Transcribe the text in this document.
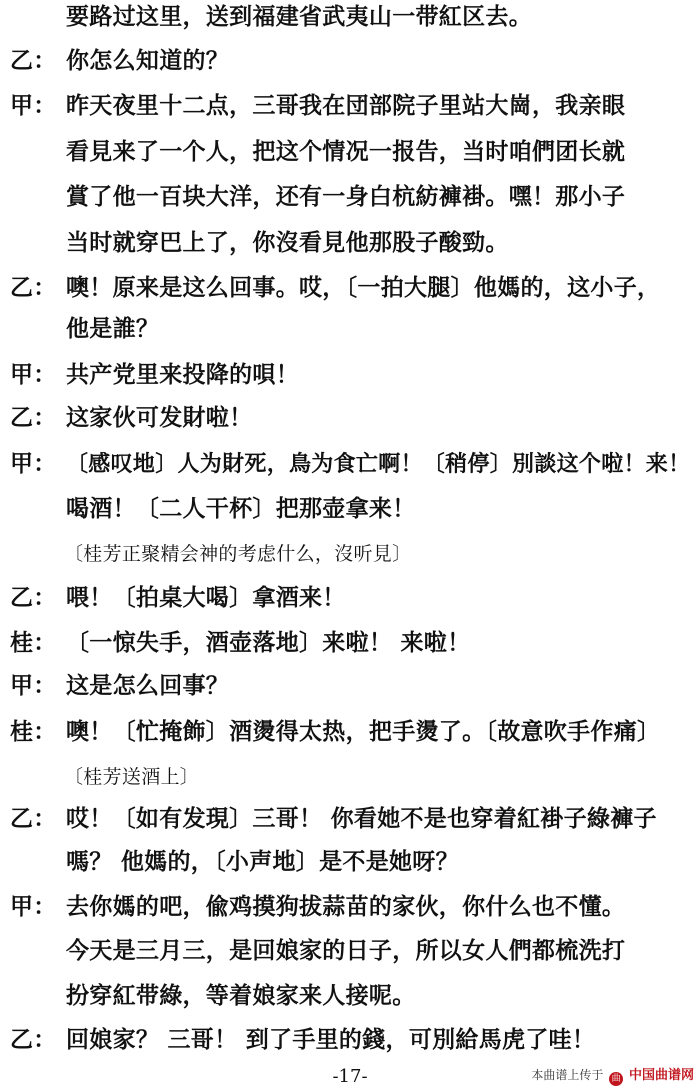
要路过这里，送到福建省武夷山一带紅区去。
乙： 你怎么知道的？
甲： 昨天夜里十二点，三哥我在団部院子里站大崗，我亲眼
看見来了一个人，把这个情况一报告，当时咱們团长就
賞了他一百块大洋，还有一身白杭紡褲褂。嘿！那小子
当时就穿巴上了，你沒看見他那股子酸勁。
乙： 噢！原来是这么回事。哎，〔一拍大腿〕他媽的，这小子，
他是誰？
甲： 共产党里来投降的唄！
乙： 这家伙可发財啦！
甲： 〔感叹地〕人为財死，鳥为食亡啊！〔稍停〕別談这个啦！来！
喝酒！〔二人干杯〕把那壶拿来！
〔桂芳正聚精会神的考虑什么，沒听見〕
乙： 喂！〔拍桌大喝〕拿酒来！
桂： 〔一惊失手，酒壶落地〕来啦！ 来啦！
甲： 这是怎么回事？
桂： 噢！〔忙掩飾〕酒燙得太热，把手燙了。〔故意吹手作痛〕
〔桂芳送酒上〕
乙： 哎！〔如有发現〕三哥！ 你看她不是也穿着紅褂子綠褲子
嗎？ 他媽的，〔小声地〕是不是她呀？
甲： 去你媽的吧，偸鸡摸狗拔蒜苗的家伙，你什么也不懂。
今天是三月三，是回娘家的日子，所以女人們都梳洗打
扮穿紅带綠，等着娘家来人接呢。
乙： 回娘家？ 三哥！ 到了手里的錢，可別給馬虎了哇！
-17-	本曲谱上传于 曲 中国曲谱网
